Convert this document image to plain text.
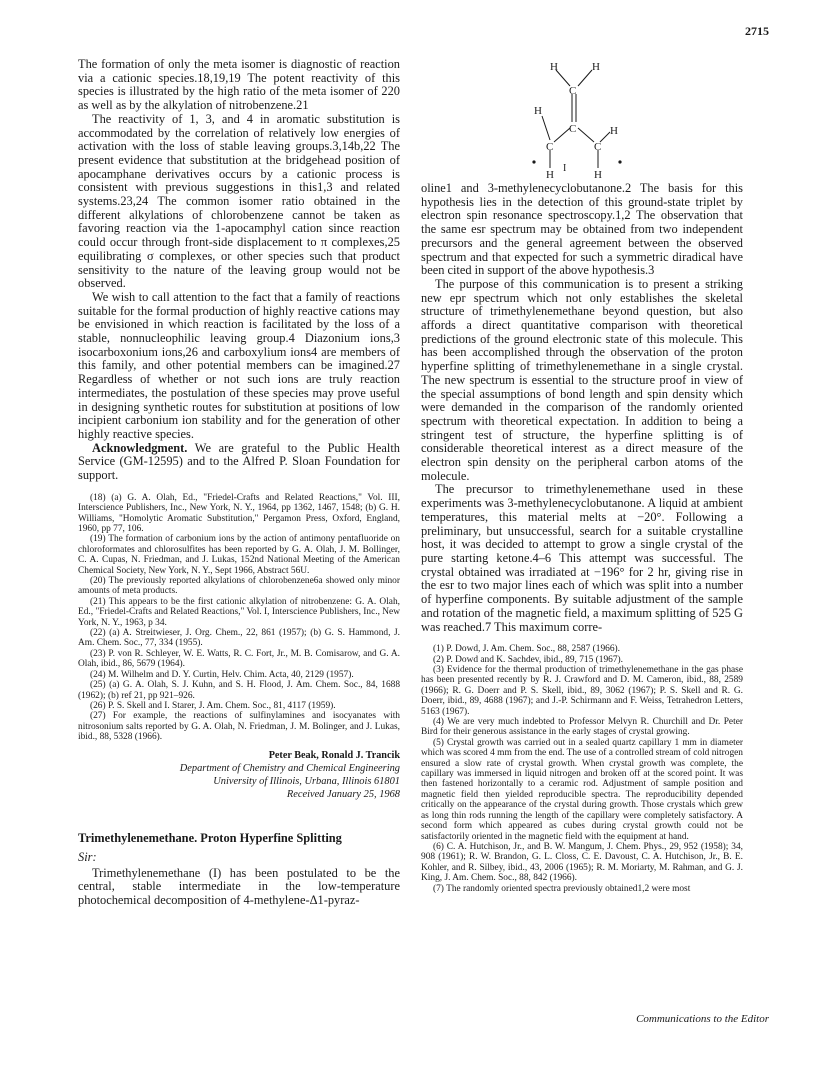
2715

The formation of only the meta isomer is diagnostic of reaction via a cationic species.18,19,19 The potent reactivity of this species is illustrated by the high ratio of the meta isomer of 220 as well as by the alkylation of nitrobenzene.21

The reactivity of 1, 3, and 4 in aromatic substitution is accommodated by the correlation of relatively low energies of activation with the loss of stable leaving groups.3,14b,22 The present evidence that substitution at the bridgehead position of apocamphane derivatives occurs by a cationic process is consistent with previous suggestions in this1,3 and related systems.23,24 The common isomer ratio obtained in the different alkylations of chlorobenzene cannot be taken as favoring reaction via the 1-apocamphyl cation since reaction could occur through front-side displacement to π complexes,25 equilibrating σ complexes, or other species such that product sensitivity to the nature of the leaving group would not be observed.

We wish to call attention to the fact that a family of reactions suitable for the formal production of highly reactive cations may be envisioned in which reaction is facilitated by the loss of a stable, nonnucleophilic leaving group.4 Diazonium ions,3 isocarboxonium ions,26 and carboxylium ions4 are members of this family, and other potential members can be imagined.27 Regardless of whether or not such ions are truly reaction intermediates, the postulation of these species may prove useful in designing synthetic routes for substitution at positions of low incipient carbonium ion stability and for the generation of other highly reactive species.

Acknowledgment. We are grateful to the Public Health Service (GM-12595) and to the Alfred P. Sloan Foundation for support.

(18) (a) G. A. Olah, Ed., "Friedel-Crafts and Related Reactions," Vol. III, Interscience Publishers, Inc., New York, N. Y., 1964, pp 1362, 1467, 1548; (b) G. H. Williams, "Homolytic Aromatic Substitution," Pergamon Press, Oxford, England, 1960, pp 77, 106.

(19) The formation of carbonium ions by the action of antimony pentafluoride on chloroformates and chlorosulfites has been reported by G. A. Olah, J. M. Bollinger, C. A. Cupas, N. Friedman, and J. Lukas, 152nd National Meeting of the American Chemical Society, New York, N. Y., Sept 1966, Abstract 56U.

(20) The previously reported alkylations of chlorobenzene6a showed only minor amounts of meta products.

(21) This appears to be the first cationic alkylation of nitrobenzene: G. A. Olah, Ed., "Friedel-Crafts and Related Reactions," Vol. I, Interscience Publishers, Inc., New York, N. Y., 1963, p 34.

(22) (a) A. Streitwieser, J. Org. Chem., 22, 861 (1957); (b) G. S. Hammond, J. Am. Chem. Soc., 77, 334 (1955).

(23) P. von R. Schleyer, W. E. Watts, R. C. Fort, Jr., M. B. Comisarow, and G. A. Olah, ibid., 86, 5679 (1964).

(24) M. Wilhelm and D. Y. Curtin, Helv. Chim. Acta, 40, 2129 (1957).

(25) (a) G. A. Olah, S. J. Kuhn, and S. H. Flood, J. Am. Chem. Soc., 84, 1688 (1962); (b) ref 21, pp 921–926.

(26) P. S. Skell and I. Starer, J. Am. Chem. Soc., 81, 4117 (1959).

(27) For example, the reactions of sulfinylamines and isocyanates with nitrosonium salts reported by G. A. Olah, N. Friedman, J. M. Bolinger, and J. Lukas, ibid., 88, 5328 (1966).

Peter Beak, Ronald J. Trancik
Department of Chemistry and Chemical Engineering
University of Illinois, Urbana, Illinois 61801
Received January 25, 1968
Trimethylenemethane. Proton Hyperfine Splitting
Sir:

Trimethylenemethane (I) has been postulated to be the central, stable intermediate in the low-temperature photochemical decomposition of 4-methylene-Δ1-pyraz-

H	H
C
C
H
C	C
H
H	H
I

oline1 and 3-methylenecyclobutanone.2 The basis for this hypothesis lies in the detection of this ground-state triplet by electron spin resonance spectroscopy.1,2 The observation that the same esr spectrum may be obtained from two independent precursors and the general agreement between the observed spectrum and that expected for such a symmetric diradical have been cited in support of the above hypothesis.3

The purpose of this communication is to present a striking new epr spectrum which not only establishes the skeletal structure of trimethylenemethane beyond question, but also affords a direct quantitative comparison with theoretical predictions of the ground electronic state of this molecule. This has been accomplished through the observation of the proton hyperfine splitting of trimethylenemethane in a single crystal. The new spectrum is essential to the structure proof in view of the special assumptions of bond length and spin density which were demanded in the comparison of the randomly oriented spectrum with theoretical expectation. In addition to being a stringent test of structure, the hyperfine splitting is of considerable theoretical interest as a direct measure of the electron spin density on the peripheral carbon atoms of the molecule.

The precursor to trimethylenemethane used in these experiments was 3-methylenecyclobutanone. A liquid at ambient temperatures, this material melts at −20°. Following a preliminary, but unsuccessful, search for a suitable crystalline host, it was decided to attempt to grow a single crystal of the pure starting ketone.4–6 This attempt was successful. The crystal obtained was irradiated at −196° for 2 hr, giving rise in the esr to two major lines each of which was split into a number of hyperfine components. By suitable adjustment of the sample and rotation of the magnetic field, a maximum splitting of 525 G was reached.7 This maximum corre-

(1) P. Dowd, J. Am. Chem. Soc., 88, 2587 (1966).

(2) P. Dowd and K. Sachdev, ibid., 89, 715 (1967).

(3) Evidence for the thermal production of trimethylenemethane in the gas phase has been presented recently by R. J. Crawford and D. M. Cameron, ibid., 88, 2589 (1966); R. G. Doerr and P. S. Skell, ibid., 89, 3062 (1967); P. S. Skell and R. G. Doerr, ibid., 89, 4688 (1967); and J.-P. Schirmann and F. Weiss, Tetrahedron Letters, 5163 (1967).

(4) We are very much indebted to Professor Melvyn R. Churchill and Dr. Peter Bird for their generous assistance in the early stages of crystal growing.

(5) Crystal growth was carried out in a sealed quartz capillary 1 mm in diameter which was scored 4 mm from the end. The use of a controlled stream of cold nitrogen ensured a slow rate of crystal growth. When crystal growth was complete, the capillary was immersed in liquid nitrogen and broken off at the scored point. It was then fastened horizontally to a ceramic rod. Adjustment of sample position and magnetic field then yielded reproducible spectra. The reproducibility depended critically on the appearance of the crystal during growth. Those crystals which grew as long thin rods running the length of the capillary were completely satisfactory. A second form which appeared as cubes during crystal growth could not be satisfactorily oriented in the magnetic field with the equipment at hand.

(6) C. A. Hutchison, Jr., and B. W. Mangum, J. Chem. Phys., 29, 952 (1958); 34, 908 (1961); R. W. Brandon, G. L. Closs, C. E. Davoust, C. A. Hutchison, Jr., B. E. Kohler, and R. Silbey, ibid., 43, 2006 (1965); R. M. Moriarty, M. Rahman, and G. J. King, J. Am. Chem. Soc., 88, 842 (1966).

(7) The randomly oriented spectra previously obtained1,2 were most

Communications to the Editor
